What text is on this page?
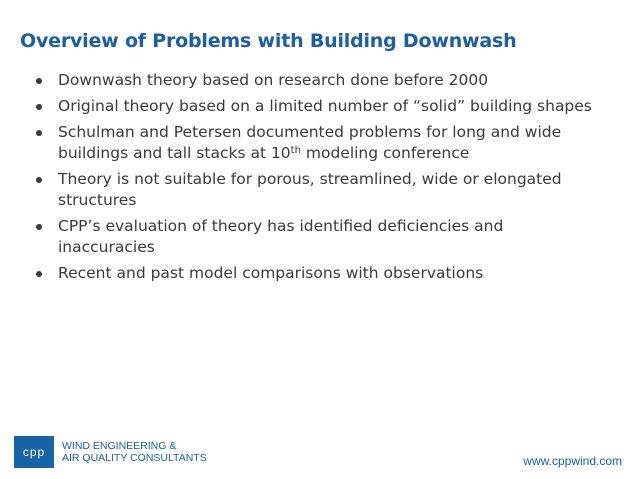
Overview of Problems with Building Downwash
Downwash theory based on research done before 2000
Original theory based on a limited number of “solid” building shapes
Schulman and Petersen documented problems for long and wide buildings and tall stacks at 10th modeling conference
Theory is not suitable for porous, streamlined, wide or elongated structures
CPP’s evaluation of theory has identified deficiencies and inaccuracies
Recent and past model comparisons with observations
cpp WIND ENGINEERING &
AIR QUALITY CONSULTANTS	www.cppwind.com
